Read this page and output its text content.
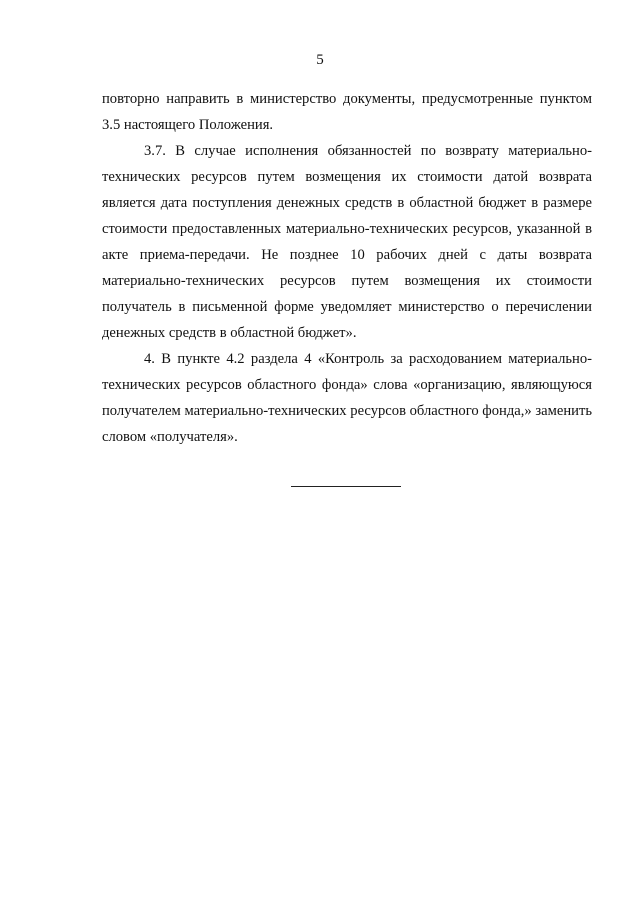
5

повторно направить в министерство документы, предусмотренные пунктом 3.5 настоящего Положения.

3.7. В случае исполнения обязанностей по возврату материально-технических ресурсов путем возмещения их стоимости датой возврата является дата поступления денежных средств в областной бюджет в размере стоимости предоставленных материально-технических ресурсов, указанной в акте приема-передачи. Не позднее 10 рабочих дней с даты возврата материально-технических ресурсов путем возмещения их стоимости получатель в письменной форме уведомляет министерство о перечислении денежных средств в областной бюджет».

4. В пункте 4.2 раздела 4 «Контроль за расходованием материально-технических ресурсов областного фонда» слова «организацию, являющуюся получателем материально-технических ресурсов областного фонда,» заменить словом «получателя».
